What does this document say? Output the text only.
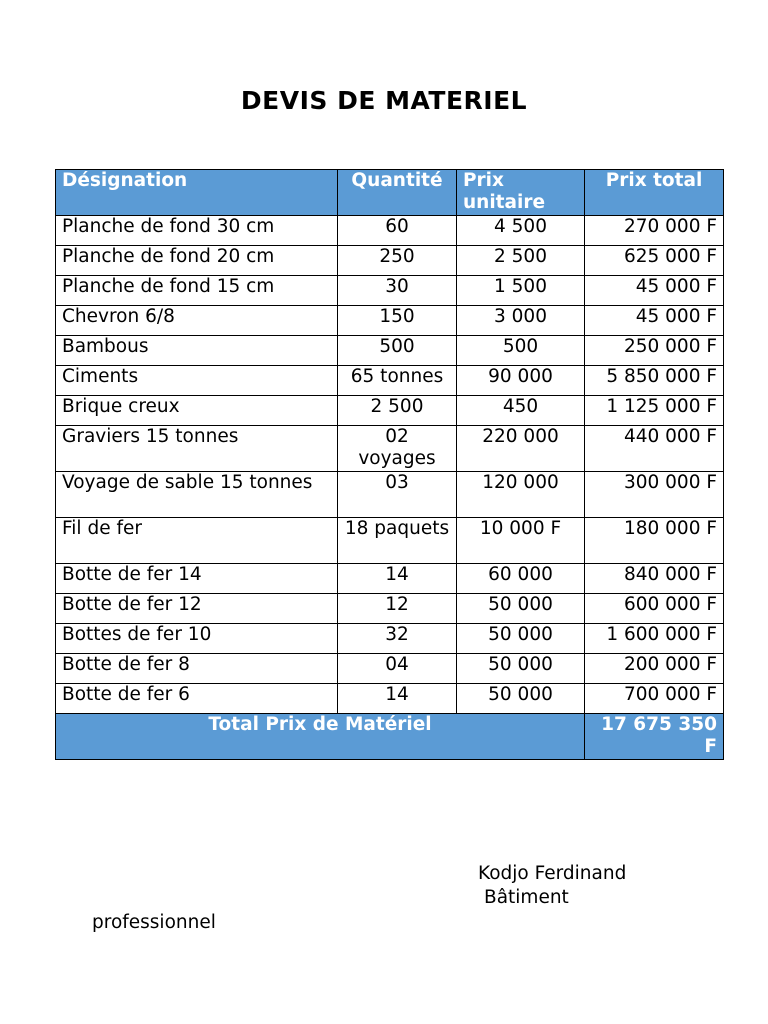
DEVIS DE MATERIEL
Désignation	Quantité	Prix unitaire	Prix total
Planche de fond 30 cm	60	4 500	270 000 F
Planche de fond 20 cm	250	2 500	625 000 F
Planche de fond 15 cm	30	1 500	45 000 F
Chevron 6/8	150	3 000	45 000 F
Bambous	500	500	250 000 F
Ciments	65 tonnes	90 000	5 850 000 F
Brique creux	2 500	450	1 125 000 F
Graviers 15 tonnes	02 voyages	220 000	440 000 F
Voyage de sable 15 tonnes	03	120 000	300 000 F
Fil de fer	18 paquets	10 000 F	180 000 F
Botte de fer 14	14	60 000	840 000 F
Botte de fer 12	12	50 000	600 000 F
Bottes de fer 10	32	50 000	1 600 000 F
Botte de fer 8	04	50 000	200 000 F
Botte de fer 6	14	50 000	700 000 F
Total Prix de Matériel			17 675 350 F
Kodjo Ferdinand
Bâtiment
professionnel
